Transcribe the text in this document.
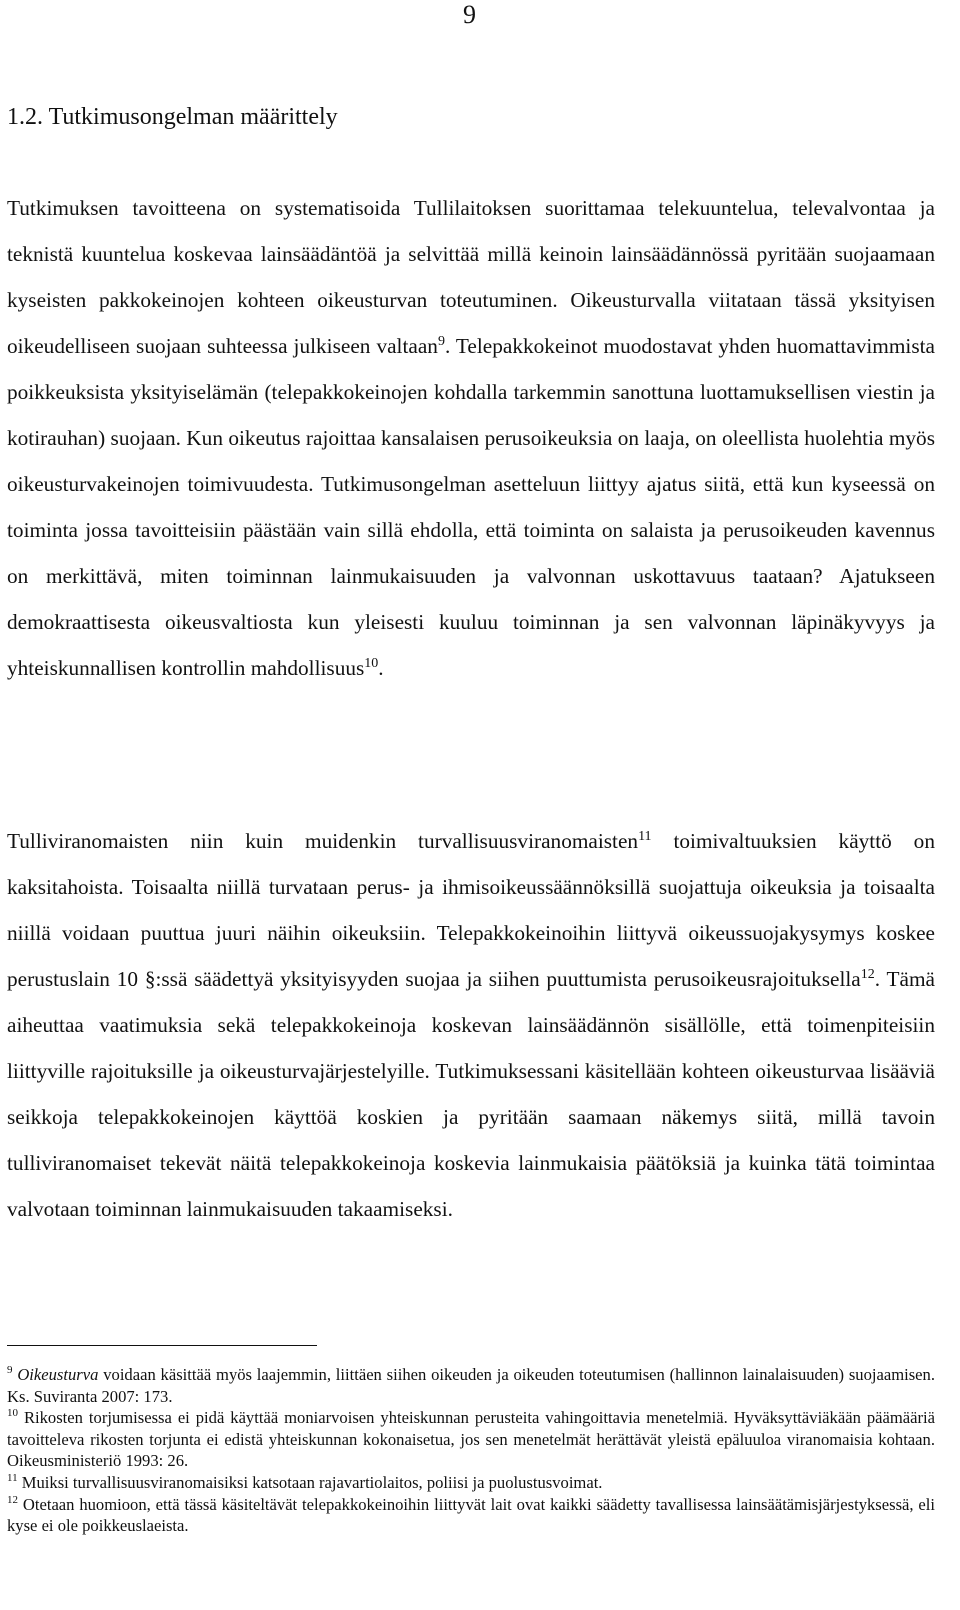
9
1.2. Tutkimusongelman määrittely
Tutkimuksen tavoitteena on systematisoida Tullilaitoksen suorittamaa telekuuntelua, televalvontaa ja teknistä kuuntelua koskevaa lainsäädäntöä ja selvittää millä keinoin lainsäädännössä pyritään suojaamaan kyseisten pakkokeinojen kohteen oikeusturvan toteutuminen. Oikeusturvalla viitataan tässä yksityisen oikeudelliseen suojaan suhteessa julkiseen valtaan$^9$. Telepakkokeinot muodostavat yhden huomattavimmista poikkeuksista yksityiselämän (telepakkokeinojen kohdalla tarkemmin sanottuna luottamuksellisen viestin ja kotirauhan) suojaan. Kun oikeutus rajoittaa kansalaisen perusoikeuksia on laaja, on oleellista huolehtia myös oikeusturvakeinojen toimivuudesta. Tutkimusongelman asetteluun liittyy ajatus siitä, että kun kyseessä on toiminta jossa tavoitteisiin päästään vain sillä ehdolla, että toiminta on salaista ja perusoikeuden kavennus on merkittävä, miten toiminnan lainmukaisuuden ja valvonnan uskottavuus taataan? Ajatukseen demokraattisesta oikeusvaltiosta kun yleisesti kuuluu toiminnan ja sen valvonnan läpinäkyvyys ja yhteiskunnallisen kontrollin mahdollisuus$^{10}$.
Tulliviranomaisten niin kuin muidenkin turvallisuusviranomaisten$^{11}$ toimivaltuuksien käyttö on kaksitahoista. Toisaalta niillä turvataan perus- ja ihmisoikeussäännöksillä suojattuja oikeuksia ja toisaalta niillä voidaan puuttua juuri näihin oikeuksiin. Telepakkokeinoihin liittyvä oikeussuojakysymys koskee perustuslain 10 §:ssä säädettyä yksityisyyden suojaa ja siihen puuttumista perusoikeusrajoituksella$^{12}$. Tämä aiheuttaa vaatimuksia sekä telepakkokeinoja koskevan lainsäädännön sisällölle, että toimenpiteisiin liittyville rajoituksille ja oikeusturvajärjestelyille. Tutkimuksessani käsitellään kohteen oikeusturvaa lisääviä seikkoja telepakkokeinojen käyttöä koskien ja pyritään saamaan näkemys siitä, millä tavoin tulliviranomaiset tekevät näitä telepakkokeinoja koskevia lainmukaisia päätöksiä ja kuinka tätä toimintaa valvotaan toiminnan lainmukaisuuden takaamiseksi.
$^9$ Oikeusturva voidaan käsittää myös laajemmin, liittäen siihen oikeuden ja oikeuden toteutumisen (hallinnon lainalaisuuden) suojaamisen. Ks. Suviranta 2007: 173.
$^{10}$ Rikosten torjumisessa ei pidä käyttää moniarvoisen yhteiskunnan perusteita vahingoittavia menetelmiä. Hyväksyttäviäkään päämääriä tavoitteleva rikosten torjunta ei edistä yhteiskunnan kokonaisetua, jos sen menetelmät herättävät yleistä epäluuloa viranomaisia kohtaan. Oikeusministeriö 1993: 26.
$^{11}$ Muiksi turvallisuusviranomaisiksi katsotaan rajavartiolaitos, poliisi ja puolustusvoimat.
$^{12}$ Otetaan huomioon, että tässä käsiteltävät telepakkokeinoihin liittyvät lait ovat kaikki säädetty tavallisessa lainsäätämisjärjestyksessä, eli kyse ei ole poikkeuslaeista.
